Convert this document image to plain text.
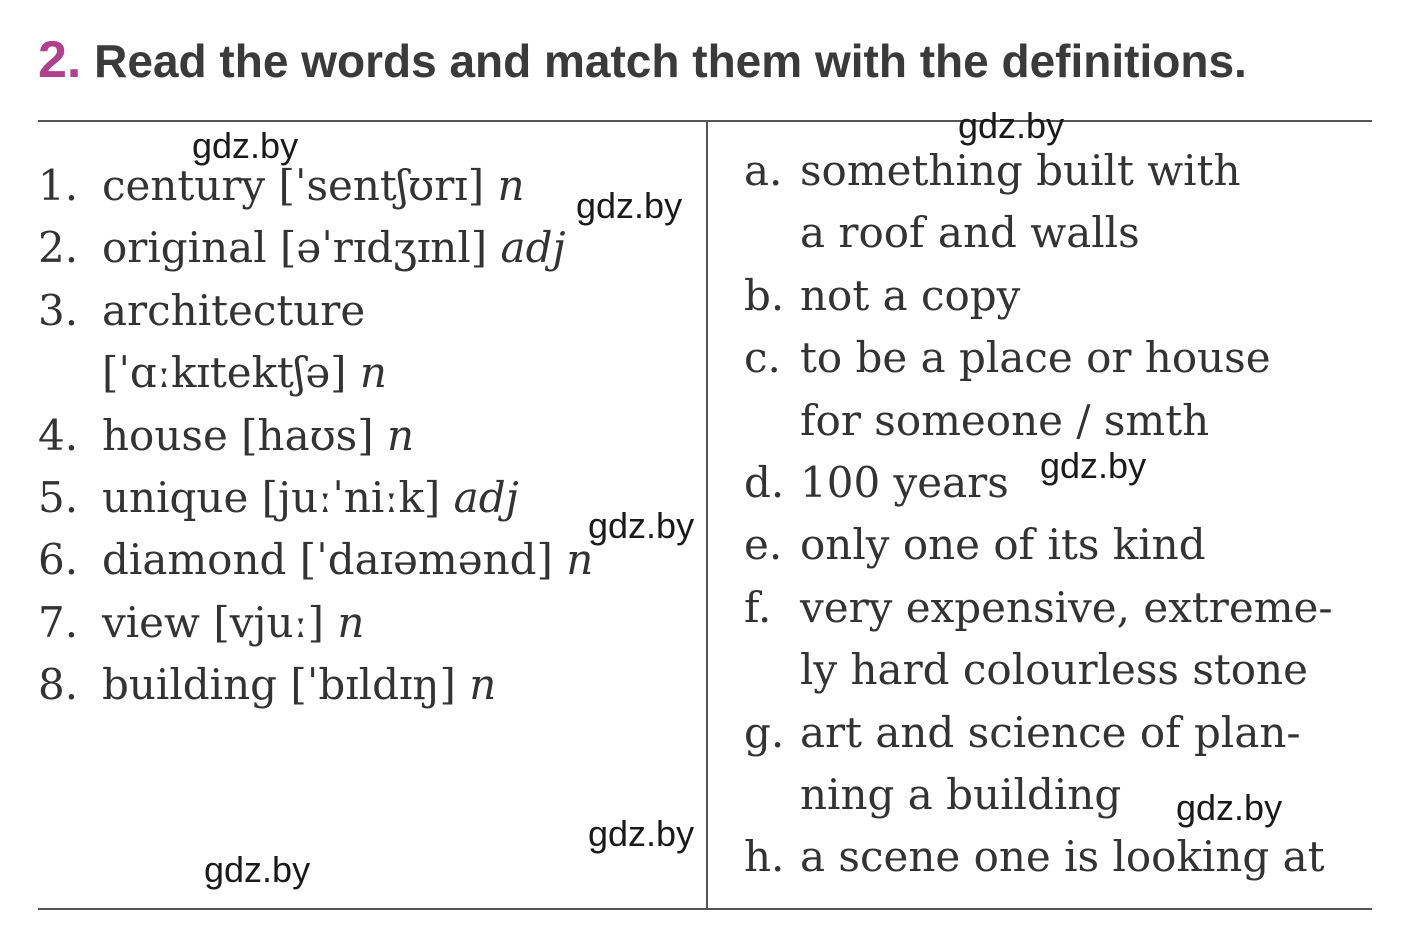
2. Read the words and match them with the definitions.
1. century [ˈsentʃʊrɪ] n
2. original [əˈrɪdʒɪnl] adj
3. architecture
[ˈɑːkɪtektʃə] n
4. house [haʊs] n
5. unique [juːˈniːk] adj
6. diamond [ˈdaɪəmənd] n
7. view [vjuː] n
8. building [ˈbɪldɪŋ] n
a. something built with
a roof and walls
b. not a copy
c. to be a place or house
for someone / smth
d. 100 years
e. only one of its kind
f. very expensive, extreme-
ly hard colourless stone
g. art and science of plan-
ning a building
h. a scene one is looking at
gdz.by	gdz.by
gdz.by
gdz.by
gdz.by
gdz.by
gdz.by
gdz.by
